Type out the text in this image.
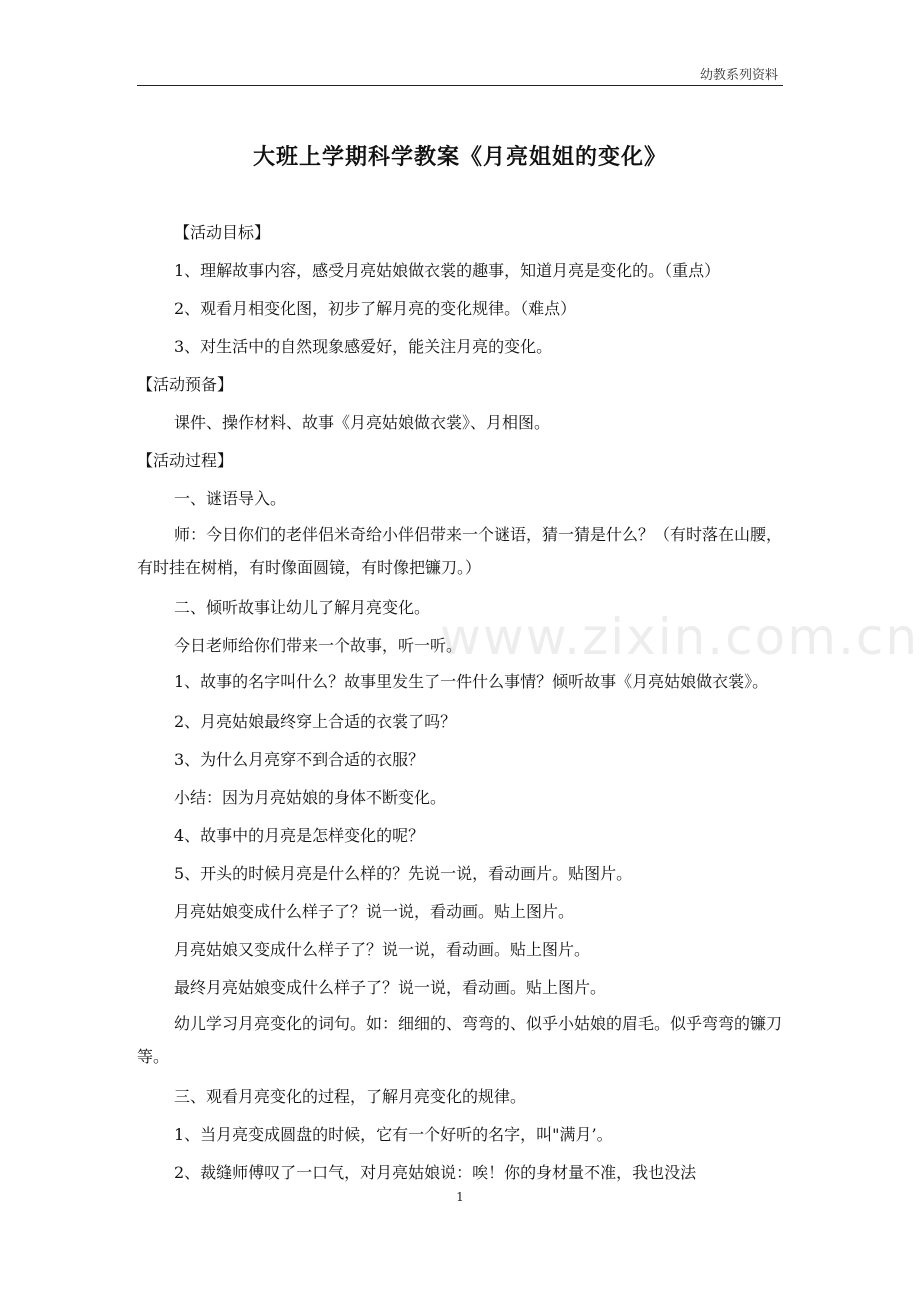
幼教系列资料
大班上学期科学教案《月亮姐姐的变化》
www.zixin.com.cn

【活动目标】

1、理解故事内容，感受月亮姑娘做衣裳的趣事，知道月亮是变化的。（重点）

2、观看月相变化图，初步了解月亮的变化规律。（难点）

3、对生活中的自然现象感爱好，能关注月亮的变化。

【活动预备】

课件、操作材料、故事《月亮姑娘做衣裳》、月相图。

【活动过程】

一、谜语导入。

师：今日你们的老伴侣米奇给小伴侣带来一个谜语，猜一猜是什么？（有时落在山腰，有时挂在树梢，有时像面圆镜，有时像把镰刀。）

二、倾听故事让幼儿了解月亮变化。

今日老师给你们带来一个故事，听一听。

1、故事的名字叫什么？故事里发生了一件什么事情？倾听故事《月亮姑娘做衣裳》。

2、月亮姑娘最终穿上合适的衣裳了吗？

3、为什么月亮穿不到合适的衣服？

小结：因为月亮姑娘的身体不断变化。

4、故事中的月亮是怎样变化的呢？

5、开头的时候月亮是什么样的？先说一说，看动画片。贴图片。

月亮姑娘变成什么样子了？说一说，看动画。贴上图片。

月亮姑娘又变成什么样子了？说一说，看动画。贴上图片。

最终月亮姑娘变成什么样子了？说一说，看动画。贴上图片。

幼儿学习月亮变化的词句。如：细细的、弯弯的、似乎小姑娘的眉毛。似乎弯弯的镰刀等。

三、观看月亮变化的过程，了解月亮变化的规律。

1、当月亮变成圆盘的时候，它有一个好听的名字，叫"满月’。

2、裁缝师傅叹了一口气，对月亮姑娘说：唉！你的身材量不准，我也没法

1
